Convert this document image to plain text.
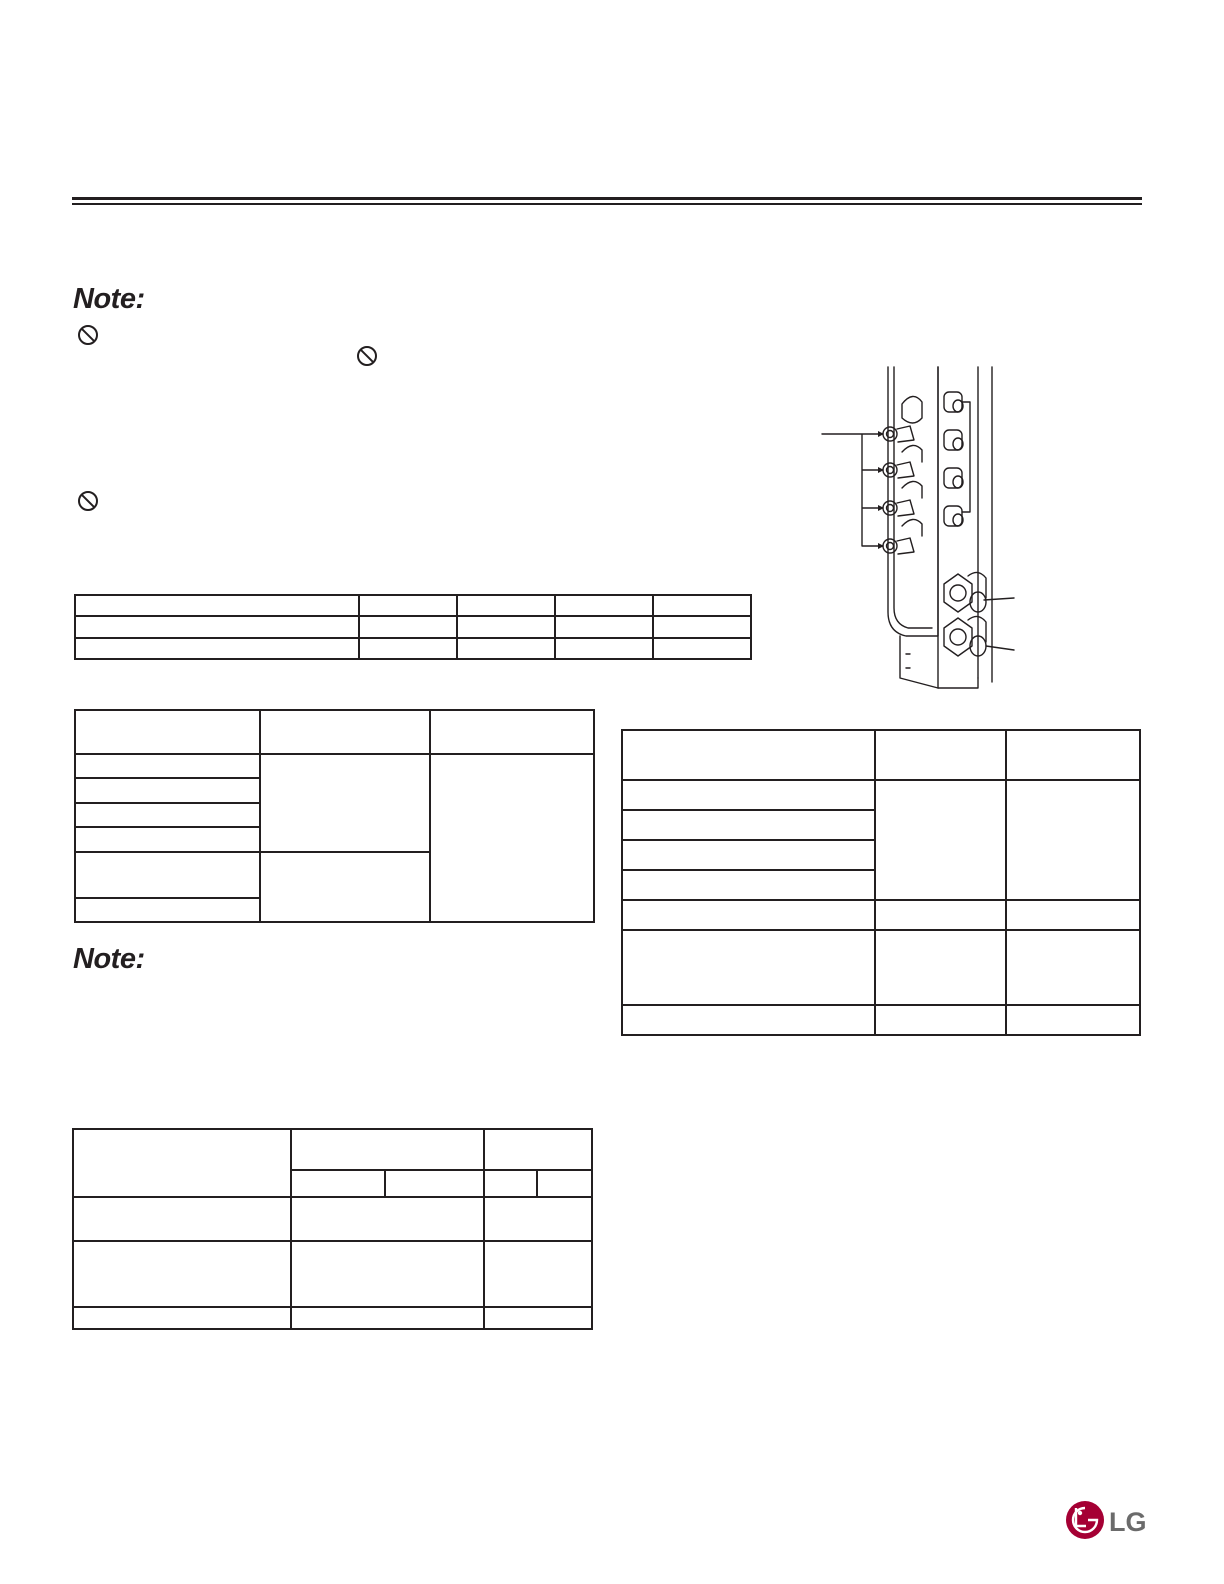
Note:

Note:

LG
